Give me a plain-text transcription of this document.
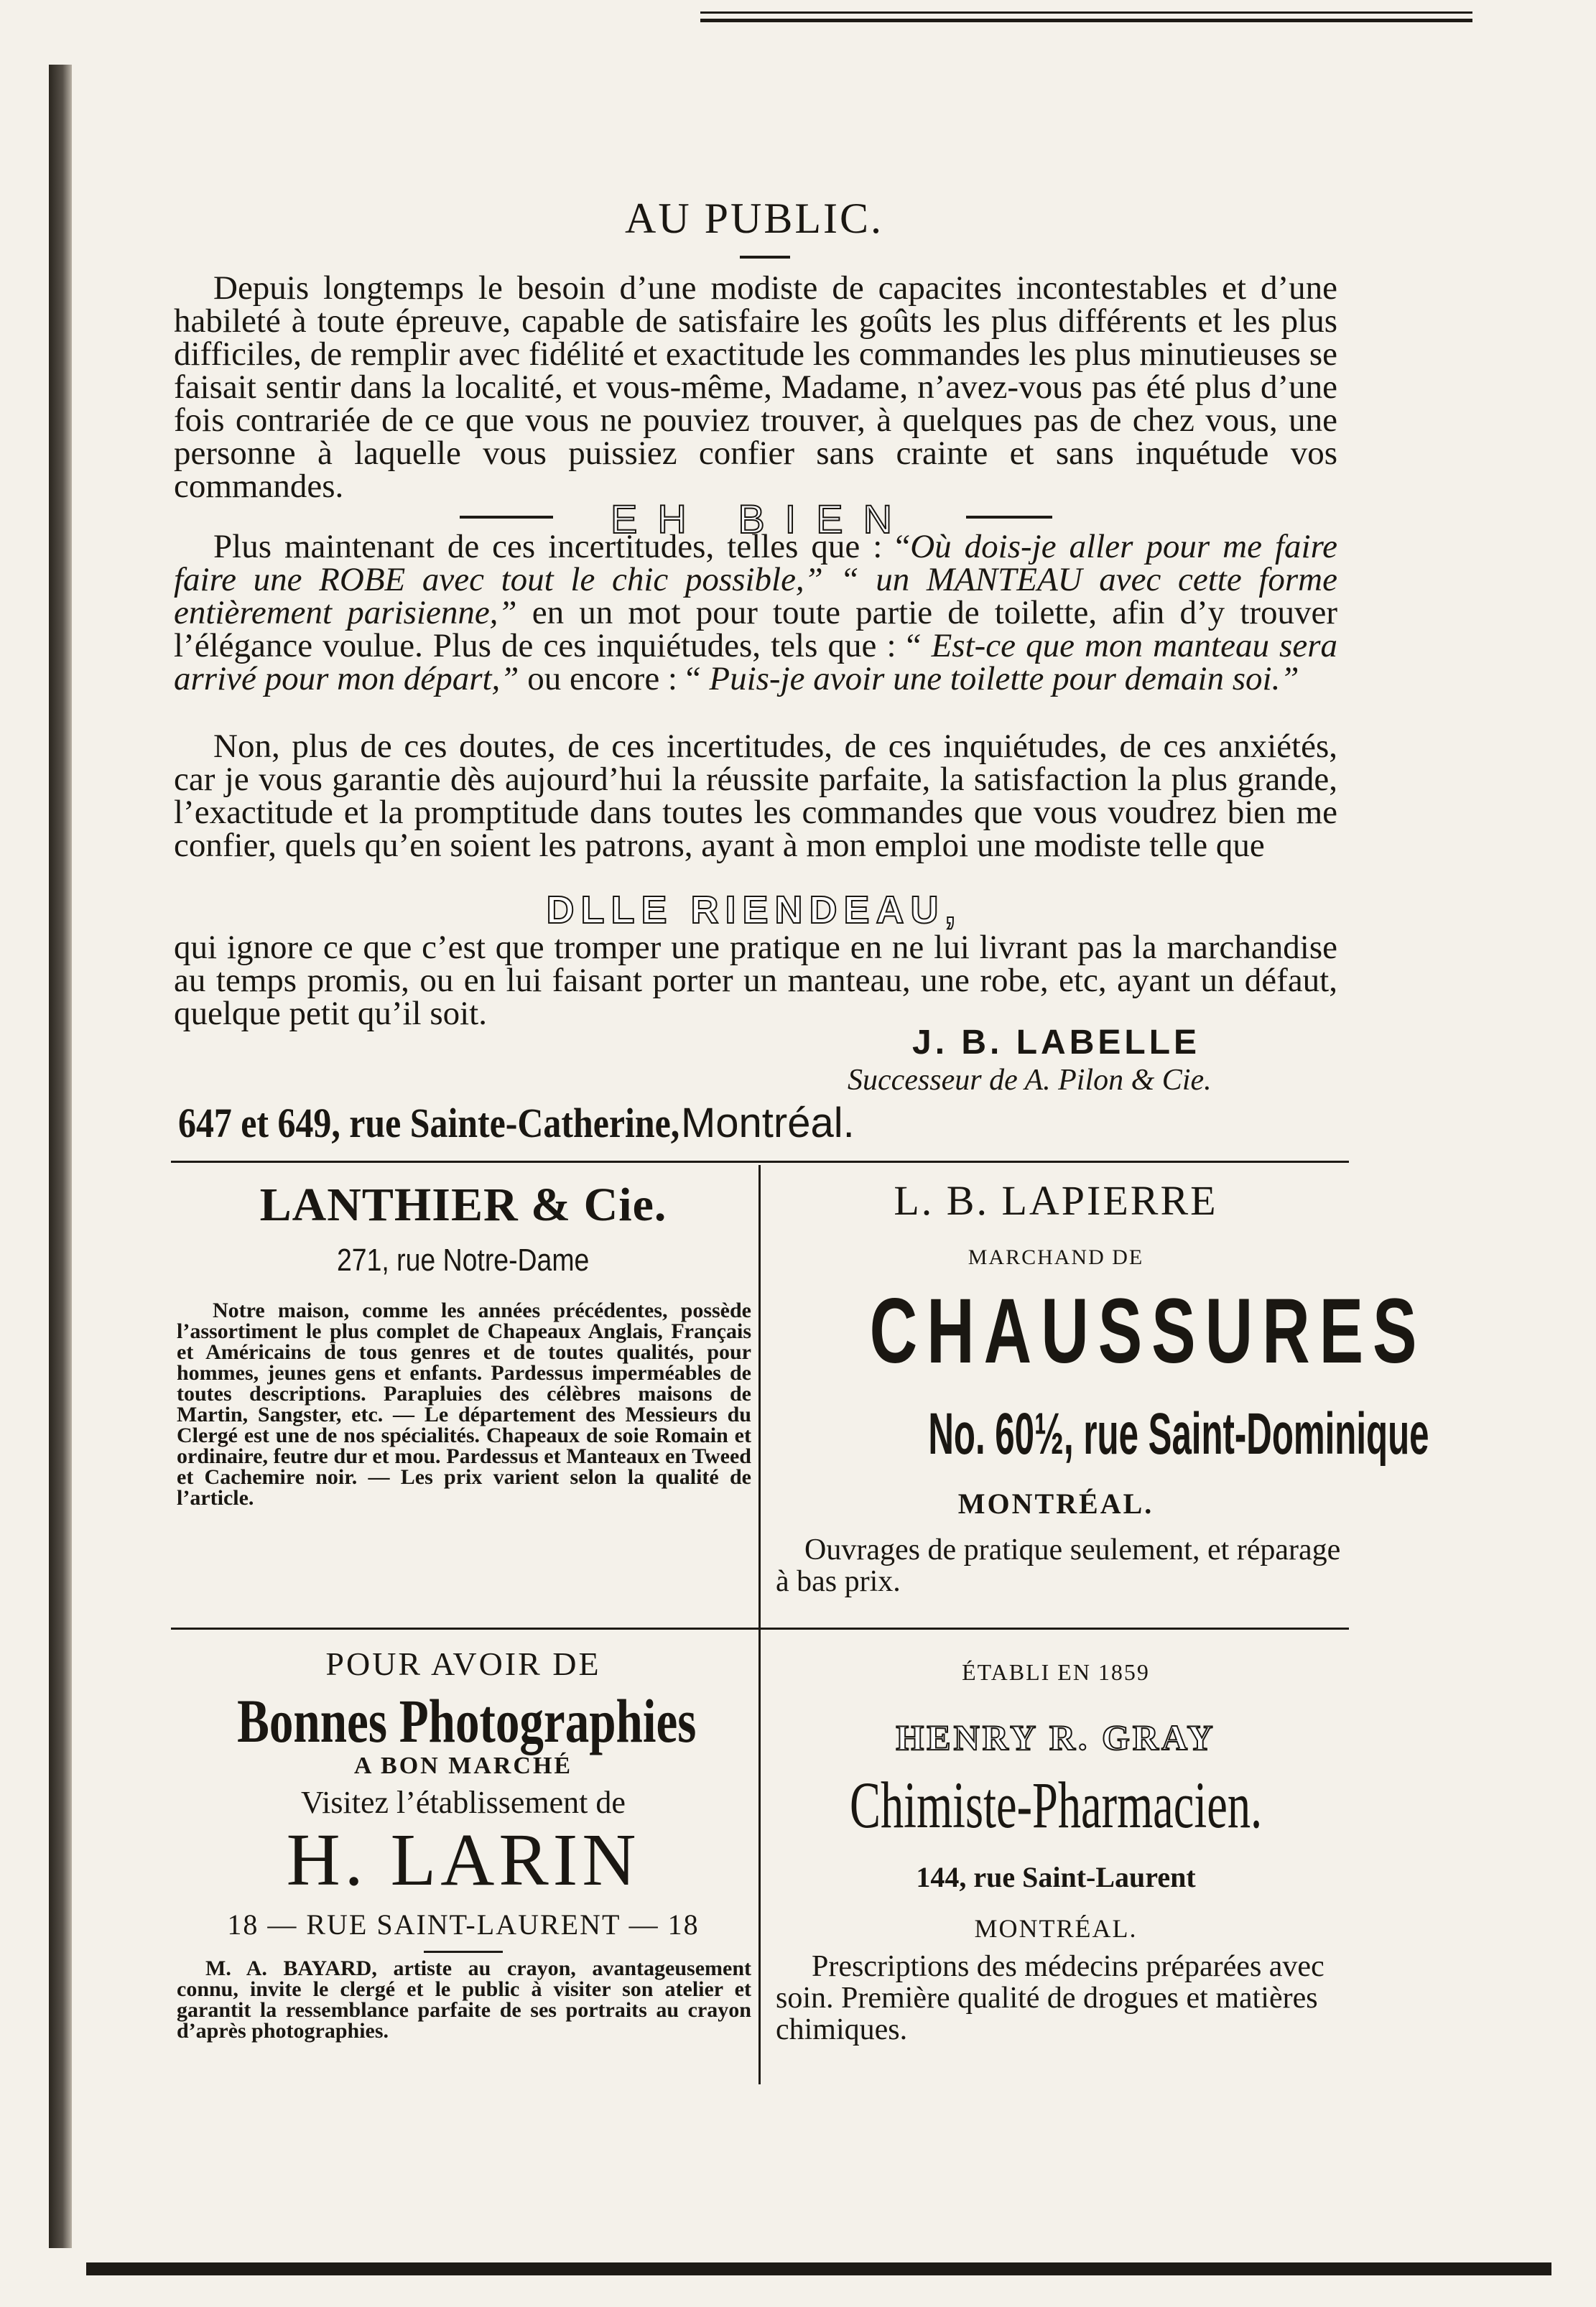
AU PUBLIC.
Depuis longtemps le besoin d’une modiste de capacites incontestables et d’une habileté à toute épreuve, capable de satisfaire les goûts les plus différents et les plus difficiles, de remplir avec fidélité et exactitude les commandes les plus minutieuses se faisait sentir dans la localité, et vous-même, Madame, n’avez-vous pas été plus d’une fois contrariée de ce que vous ne pouviez trouver, à quelques pas de chez vous, une personne à laquelle vous puissiez confier sans crainte et sans inquétude vos commandes.
EH BIEN
Plus maintenant de ces incertitudes, telles que : “Où dois-je aller pour me faire faire une ROBE avec tout le chic possible,” “ un MANTEAU avec cette forme entièrement parisienne,” en un mot pour toute partie de toilette, afin d’y trouver l’élégance voulue. Plus de ces inquiétudes, tels que : “ Est-ce que mon manteau sera arrivé pour mon départ,” ou encore : “ Puis-je avoir une toilette pour demain soi.”
Non, plus de ces doutes, de ces incertitudes, de ces inquiétudes, de ces anxiétés, car je vous garantie dès aujourd’hui la réussite parfaite, la satisfaction la plus grande, l’exactitude et la promptitude dans toutes les commandes que vous voudrez bien me confier, quels qu’en soient les patrons, ayant à mon emploi une modiste telle que
DLLE RIENDEAU,
qui ignore ce que c’est que tromper une pratique en ne lui livrant pas la marchandise au temps promis, ou en lui faisant porter un manteau, une robe, etc, ayant un défaut, quelque petit qu’il soit.
J. B. LABELLE
Successeur de A. Pilon & Cie.
647 et 649, rue Sainte-Catherine, Montréal.
LANTHIER & Cie.
271, rue Notre-Dame
Notre maison, comme les années précédentes, possède l’assortiment le plus complet de Chapeaux Anglais, Français et Américains de tous genres et de toutes qualités, pour hommes, jeunes gens et enfants. Pardessus imperméables de toutes descriptions. Parapluies des célèbres maisons de Martin, Sangster, etc. — Le département des Messieurs du Clergé est une de nos spécialités. Chapeaux de soie Romain et ordinaire, feutre dur et mou. Pardessus et Manteaux en Tweed et Cachemire noir. — Les prix varient selon la qualité de l’article.
L. B. LAPIERRE
MARCHAND DE
CHAUSSURES
No. 60½, rue Saint-Dominique
MONTRÉAL.
Ouvrages de pratique seulement, et réparage à bas prix.
POUR AVOIR DE
Bonnes Photographies
A BON MARCHÉ
Visitez l’établissement de
H. LARIN
18 — RUE SAINT-LAURENT — 18
M. A. BAYARD, artiste au crayon, avantageusement connu, invite le clergé et le public à visiter son atelier et garantit la ressemblance parfaite de ses portraits au crayon d’après photographies.
ÉTABLI EN 1859
HENRY R. GRAY
Chimiste-Pharmacien.
144, rue Saint-Laurent
MONTRÉAL.
Prescriptions des médecins préparées avec soin. Première qualité de drogues et matières chimiques.
